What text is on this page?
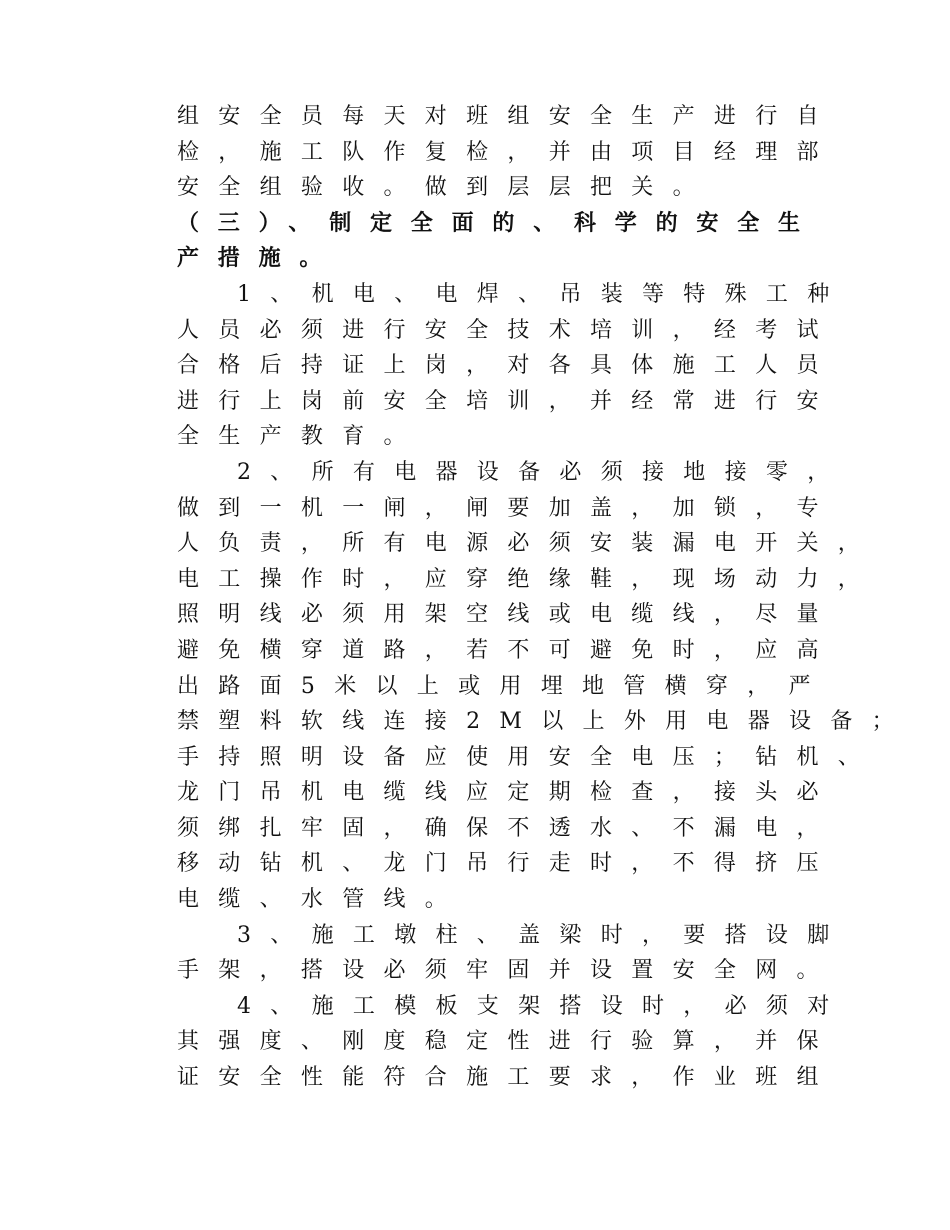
组安全员每天对班组安全生产进行自
检，施工队作复检，并由项目经理部
安全组验收。做到层层把关。
（三）、制定全面的、科学的安全生
产措施。
1、机电、电焊、吊装等特殊工种
人员必须进行安全技术培训，经考试
合格后持证上岗，对各具体施工人员
进行上岗前安全培训，并经常进行安
全生产教育。
2、所有电器设备必须接地接零，
做到一机一闸，闸要加盖，加锁，专
人负责，所有电源必须安装漏电开关，
电工操作时，应穿绝缘鞋，现场动力，
照明线必须用架空线或电缆线，尽量
避免横穿道路，若不可避免时，应高
出路面5米以上或用埋地管横穿，严
禁塑料软线连接2M以上外用电器设备；
手持照明设备应使用安全电压；钻机、
龙门吊机电缆线应定期检查，接头必
须绑扎牢固，确保不透水、不漏电，
移动钻机、龙门吊行走时，不得挤压
电缆、水管线。
3、施工墩柱、盖梁时，要搭设脚
手架，搭设必须牢固并设置安全网。
4、施工模板支架搭设时，必须对
其强度、刚度稳定性进行验算，并保
证安全性能符合施工要求，作业班组
